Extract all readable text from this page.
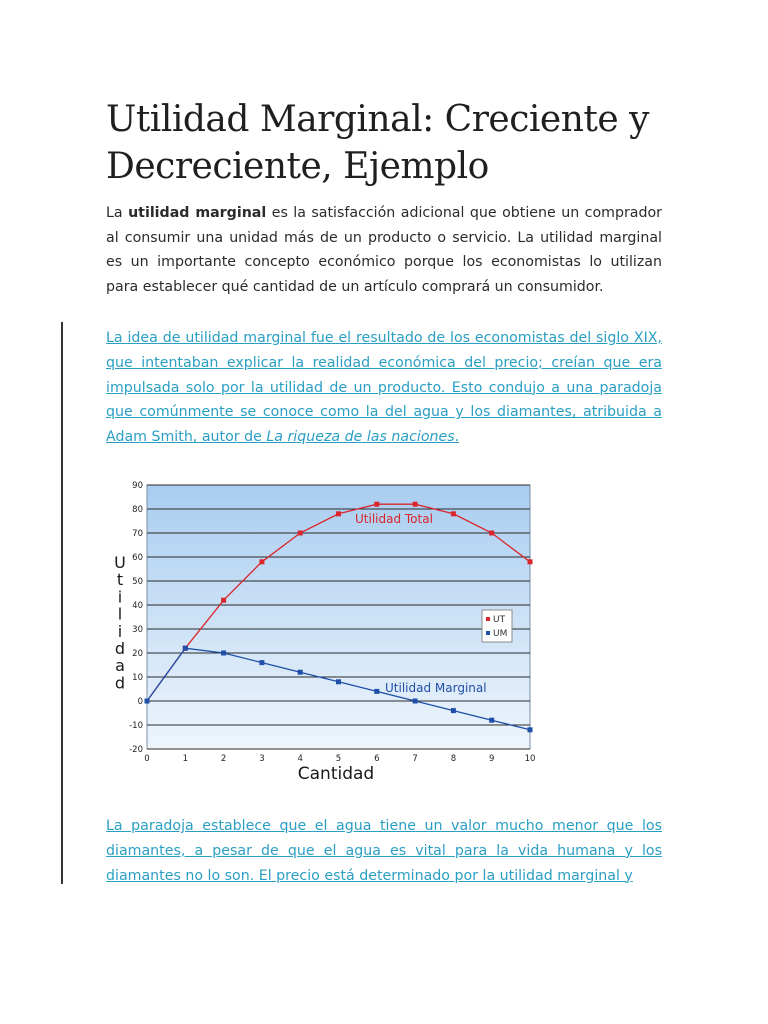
Utilidad Marginal: Creciente y Decreciente, Ejemplo

La utilidad marginal es la satisfacción adicional que obtiene un comprador al consumir una unidad más de un producto o servicio. La utilidad marginal es un importante concepto económico porque los economistas lo utilizan para establecer qué cantidad de un artículo comprará un consumidor.

La idea de utilidad marginal fue el resultado de los economistas del siglo XIX, que intentaban explicar la realidad económica del precio; creían que era impulsada solo por la utilidad de un producto. Esto condujo a una paradoja que comúnmente se conoce como la del agua y los diamantes, atribuida a Adam Smith, autor de La riqueza de las naciones.

-20
-10
0
10
20
30
40
50
60
70
80
90
0	1	2	3	4	5	6	7	8	9	10
Utilidad Total
Utilidad Marginal
UT
UM
Cantidad
U
t
i
l
i
d
a
d

La paradoja establece que el agua tiene un valor mucho menor que los diamantes, a pesar de que el agua es vital para la vida humana y los diamantes no lo son. El precio está determinado por la utilidad marginal y
